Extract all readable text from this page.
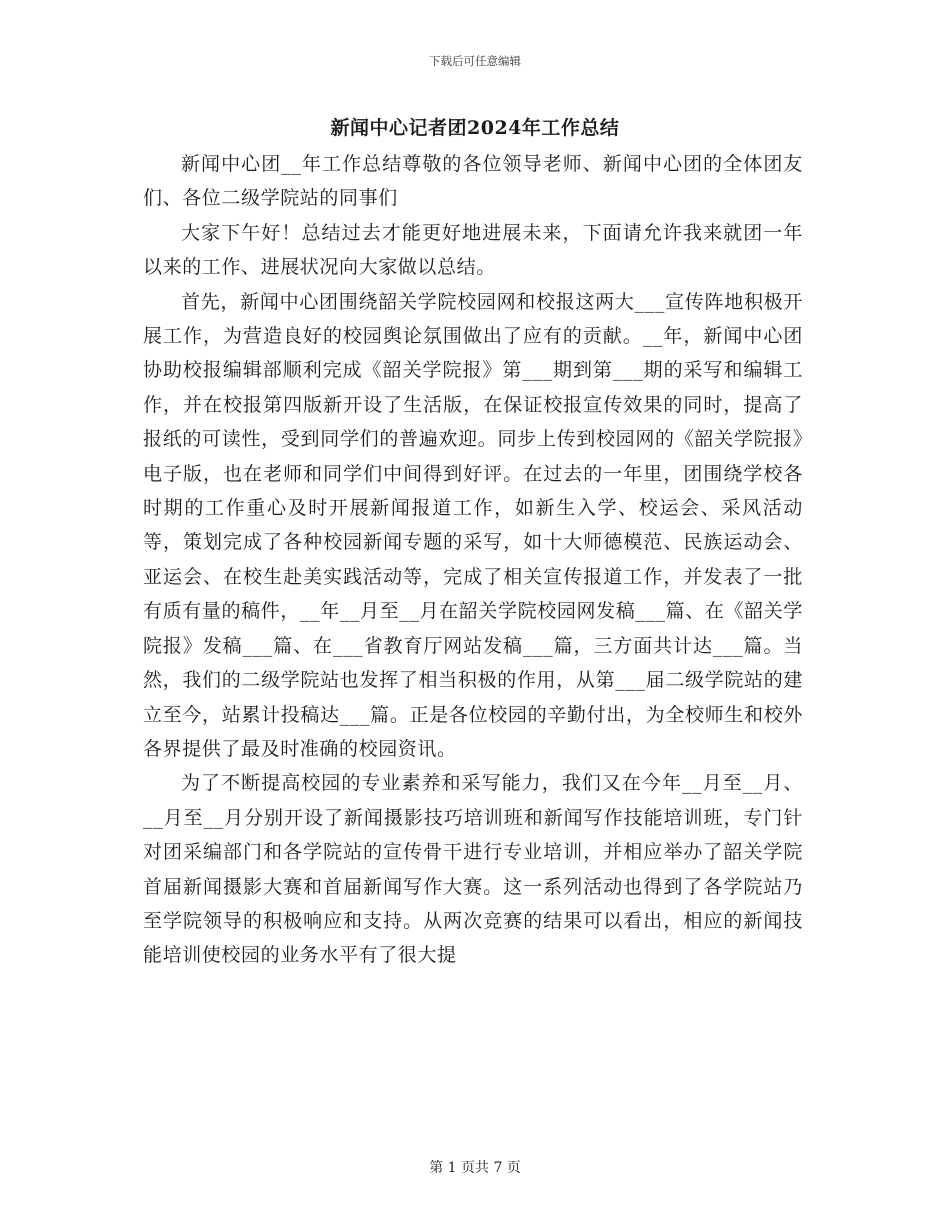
下载后可任意编辑
新闻中心记者团2024年工作总结

新闻中心团__年工作总结尊敬的各位领导老师、新闻中心团的全体团友们、各位二级学院站的同事们

大家下午好！总结过去才能更好地进展未来，下面请允许我来就团一年以来的工作、进展状况向大家做以总结。

首先，新闻中心团围绕韶关学院校园网和校报这两大___宣传阵地积极开展工作，为营造良好的校园舆论氛围做出了应有的贡献。__年，新闻中心团协助校报编辑部顺利完成《韶关学院报》第___期到第___期的采写和编辑工作，并在校报第四版新开设了生活版，在保证校报宣传效果的同时，提高了报纸的可读性，受到同学们的普遍欢迎。同步上传到校园网的《韶关学院报》电子版，也在老师和同学们中间得到好评。在过去的一年里，团围绕学校各时期的工作重心及时开展新闻报道工作，如新生入学、校运会、采风活动等，策划完成了各种校园新闻专题的采写，如十大师德模范、民族运动会、亚运会、在校生赴美实践活动等，完成了相关宣传报道工作，并发表了一批有质有量的稿件，__年__月至__月在韶关学院校园网发稿___篇、在《韶关学院报》发稿___篇、在___省教育厅网站发稿___篇，三方面共计达___篇。当然，我们的二级学院站也发挥了相当积极的作用，从第___届二级学院站的建立至今，站累计投稿达___篇。正是各位校园的辛勤付出，为全校师生和校外各界提供了最及时准确的校园资讯。

为了不断提高校园的专业素养和采写能力，我们又在今年__月至__月、__月至__月分别开设了新闻摄影技巧培训班和新闻写作技能培训班，专门针对团采编部门和各学院站的宣传骨干进行专业培训，并相应举办了韶关学院首届新闻摄影大赛和首届新闻写作大赛。这一系列活动也得到了各学院站乃至学院领导的积极响应和支持。从两次竞赛的结果可以看出，相应的新闻技能培训使校园的业务水平有了很大提

第 1 页共 7 页
